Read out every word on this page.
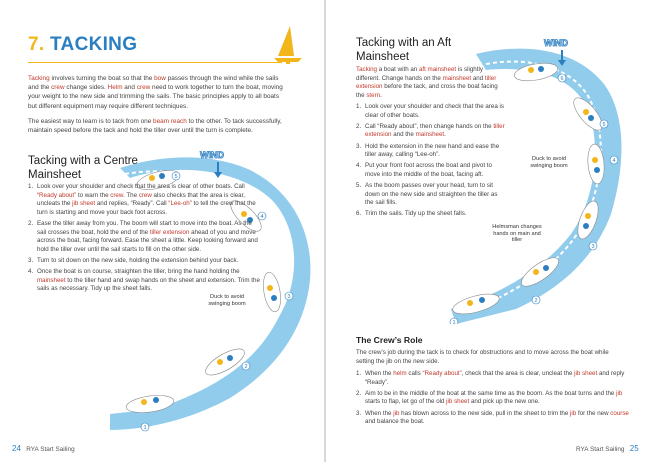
7. TACKING

Tacking involves turning the boat so that the bow passes through the wind while the sails and the crew change sides. Helm and crew need to work together to turn the boat, moving your weight to the new side and trimming the sails. The basic principles apply to all boats but different equipment may require different techniques.

The easiest way to learn is to tack from one beam reach to the other. To tack successfully, maintain speed before the tack and hold the tiller over until the turn is complete.

Tacking with a Centre Mainsheet
WIND
1
2
3
4
5
Duck to avoid swinging boom
1. Look over your shoulder and check that the area is clear of other boats. Call “Ready about” to warn the crew. The crew also checks that the area is clear, uncleats the jib sheet and replies, “Ready”. Call “Lee-oh” to tell the crew that the turn is starting and move your back foot across.
2. Ease the tiller away from you. The boom will start to move into the boat. As the sail crosses the boat, hold the end of the tiller extension ahead of you and move across the boat, facing forward. Ease the sheet a little. Keep looking forward and hold the tiller over until the sail starts to fill on the other side.
3. Turn to sit down on the new side, holding the extension behind your back.
4. Once the boat is on course, straighten the tiller, bring the hand holding the mainsheet to the tiller hand and swap hands on the sheet and extension. Trim the sails as necessary. Tidy up the sheet falls.
24 RYA Start Sailing
WIND
1
2
3
4
5
6
Tacking with an Aft Mainsheet
Tacking a boat with an aft mainsheet is slightly different. Change hands on the mainsheet and tiller extension before the tack, and cross the boat facing the stern.
1. Look over your shoulder and check that the area is clear of other boats.
2. Call “Ready about”, then change hands on the tiller extension and the mainsheet.
3. Hold the extension in the new hand and ease the tiller away, calling “Lee-oh”.
4. Put your front foot across the boat and pivot to move into the middle of the boat, facing aft.
5. As the boom passes over your head, turn to sit down on the new side and straighten the tiller as the sail fills.
6. Trim the sails. Tidy up the sheet falls.
Duck to avoid swinging boom
Helmsman changes hands on main and tiller
The Crew’s Role
The crew’s job during the tack is to check for obstructions and to move across the boat while setting the jib on the new side.
1. When the helm calls “Ready about”, check that the area is clear, uncleat the jib sheet and reply “Ready”.
2. Aim to be in the middle of the boat at the same time as the boom. As the boat turns and the jib starts to flap, let go of the old jib sheet and pick up the new one.
3. When the jib has blown across to the new side, pull in the sheet to trim the jib for the new course and balance the boat.
RYA Start Sailing 25
